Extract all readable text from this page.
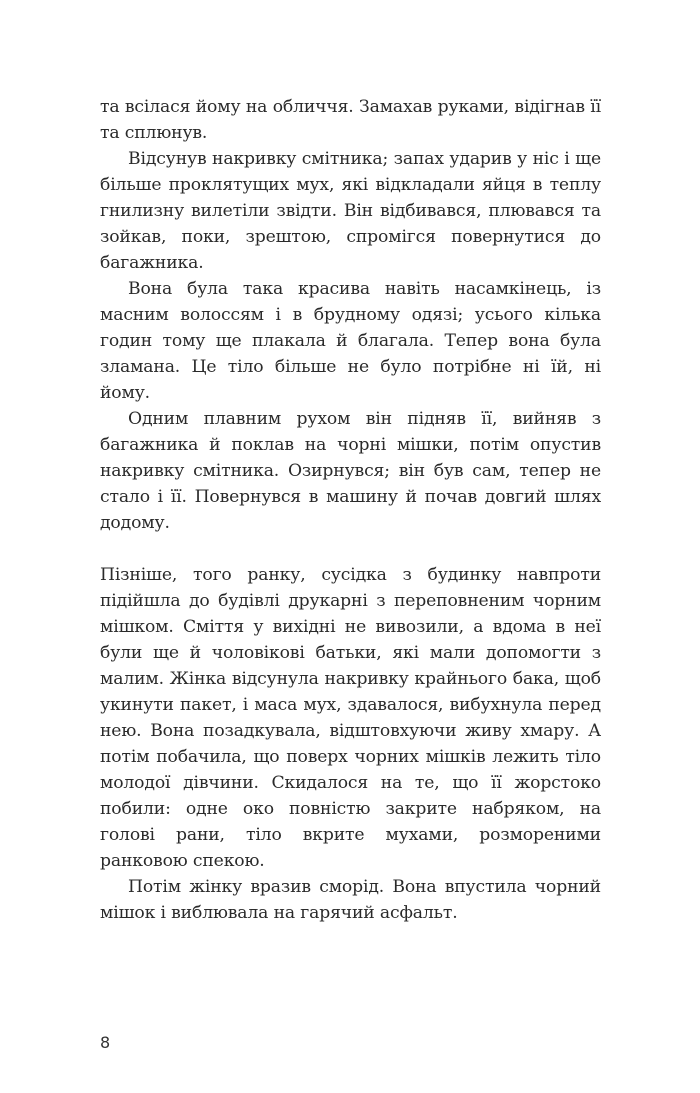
та всілася йому на обличчя. Замахав руками, відігнав її та сплюнув.

Відсунув накривку смітника; запах ударив у ніс і ще більше проклятущих мух, які відкладали яйця в теплу гнилизну вилетіли звідти. Він відбивався, плювався та зойкав, поки, зрештою, спромігся повернутися до багажника.

Вона була така красива навіть насамкінець, із масним волоссям і в брудному одязі; усього кілька годин тому ще плакала й благала. Тепер вона була зламана. Це тіло більше не було потрібне ні їй, ні йому.

Одним плавним рухом він підняв її, вийняв з багажника й поклав на чорні мішки, потім опустив накривку смітника. Озирнувся; він був сам, тепер не стало і її. Повернувся в машину й почав довгий шлях додому.

Пізніше, того ранку, сусідка з будинку навпроти підійшла до будівлі друкарні з переповненим чорним мішком. Сміття у вихідні не вивозили, а вдома в неї були ще й чоловікові батьки, які мали допомогти з малим. Жінка відсунула накривку крайнього бака, щоб укинути пакет, і маса мух, здавалося, вибухнула перед нею. Вона позадкувала, відштовхуючи живу хмару. А потім побачила, що поверх чорних мішків лежить тіло молодої дівчини. Скидалося на те, що її жорстоко побили: одне око повністю закрите набряком, на голові рани, тіло вкрите мухами, розмореними ранковою спекою.

Потім жінку вразив сморід. Вона впустила чорний мішок і виблювала на гарячий асфальт.

8
